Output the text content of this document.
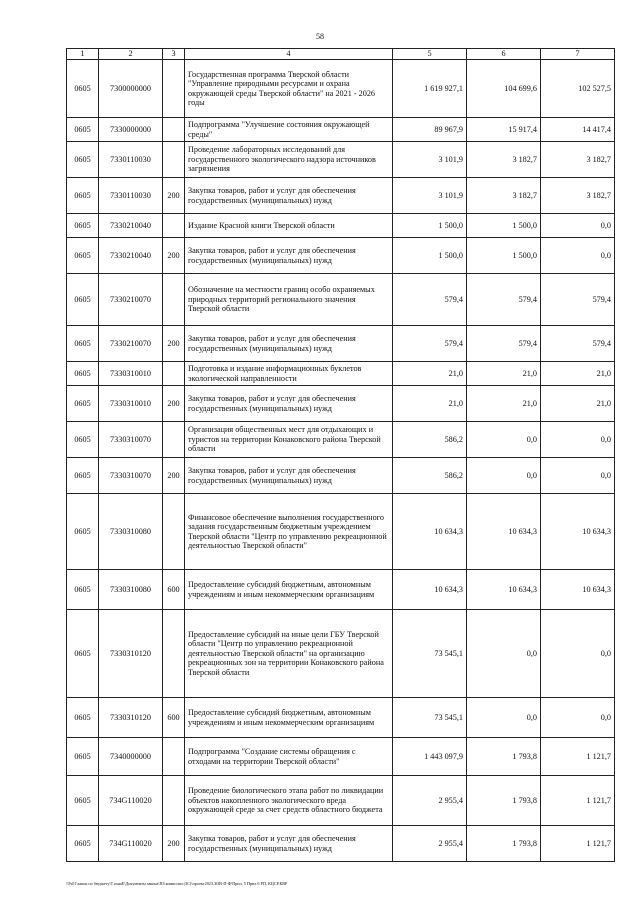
58
1	2	3	4	5	6	7
0605	7300000000		Государственная программа Тверской области "Управление природными ресурсами и охрана окружающей среды Тверской области" на 2021 - 2026 годы	1 619 927,1	104 699,6	102 527,5
0605	7330000000		Подпрограмма "Улучшение состояния окружающей среды"	89 967,9	15 917,4	14 417,4
0605	7330110030		Проведение лабораторных исследований для государственного экологического надзора источников загрязнения	3 101,9	3 182,7	3 182,7
0605	7330110030	200	Закупка товаров, работ и услуг для обеспечения государственных (муниципальных) нужд	3 101,9	3 182,7	3 182,7
0605	7330210040		Издание Красной книги Тверской области	1 500,0	1 500,0	0,0
0605	7330210040	200	Закупка товаров, работ и услуг для обеспечения государственных (муниципальных) нужд	1 500,0	1 500,0	0,0
0605	7330210070		Обозначение на местности границ особо охраняемых природных территорий регионального значения Тверской области	579,4	579,4	579,4
0605	7330210070	200	Закупка товаров, работ и услуг для обеспечения государственных (муниципальных) нужд	579,4	579,4	579,4
0605	7330310010		Подготовка и издание информационных буклетов экологической направленности	21,0	21,0	21,0
0605	7330310010	200	Закупка товаров, работ и услуг для обеспечения государственных (муниципальных) нужд	21,0	21,0	21,0
0605	7330310070		Организация общественных мест для отдыхающих и туристов на территории Конаковского района Тверской области	586,2	0,0	0,0
0605	7330310070	200	Закупка товаров, работ и услуг для обеспечения государственных (муниципальных) нужд	586,2	0,0	0,0
0605	7330310080		Финансовое обеспечение выполнения государственного задания государственным бюджетным учреждением Тверской области "Центр по управлению рекреационной деятельностью Тверской области"	10 634,3	10 634,3	10 634,3
0605	7330310080	600	Предоставление субсидий бюджетным, автономным учреждениям и иным некоммерческим организациям	10 634,3	10 634,3	10 634,3
0605	7330310120		Предоставление субсидий на иные цели ГБУ Тверской области "Центр по управлению рекреационной деятельностью Тверской области" на организацию рекреационных зон на территории Конаковского района Тверской области	73 545,1	0,0	0,0
0605	7330310120	600	Предоставление субсидий бюджетным, автономным учреждениям и иным некоммерческим организациям	73 545,1	0,0	0,0
0605	7340000000		Подпрограмма "Создание системы обращения с отходами на территории Тверской области"	1 443 097,9	1 793,8	1 121,7
0605	734G110020		Проведение биологического этапа работ по ликвидации объектов накопленного экологического вреда окружающей среде за счет средств областного бюджета	2 955,4	1 793,8	1 121,7
0605	734G110020	200	Закупка товаров, работ и услуг для обеспечения государственных (муниципальных) нужд	2 955,4	1 793,8	1 121,7
\\Fs01\закон по бюджету\Т.ознаЕ\Документы закона\ПЗ комиссии (ЗС)\проект2023.ЗОВ-П-Ф\Прил. 5 Прил.6 РП, КЦСР.КВР
